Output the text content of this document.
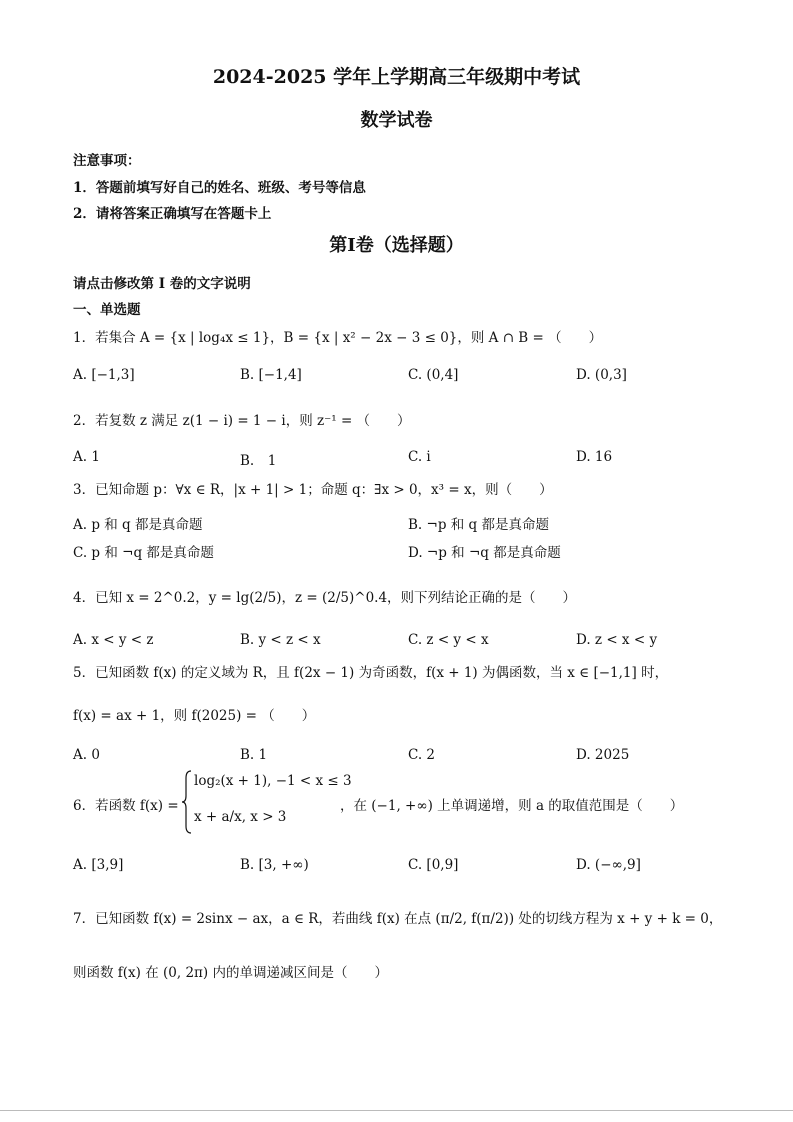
2024-2025 学年上学期高三年级期中考试
数学试卷
注意事项：
1．答题前填写好自己的姓名、班级、考号等信息
2．请将答案正确填写在答题卡上
第Ⅰ卷（选择题）
请点击修改第 I 卷的文字说明
一、单选题
1．若集合 A = {x | log₄x ≤ 1}，B = {x | x² − 2x − 3 ≤ 0}，则 A ∩ B = （　　）
A. [−1,3]	B. [−1,4]	C. (0,4]	D. (0,3]
2．若复数 z 满足 z(1 − i) = 1 − i，则 z⁻¹ = （　　）
A. 1	B.　1	C. i	D. 16
3．已知命题 p：∀x ∈ R，|x + 1| > 1；命题 q：∃x > 0，x³ = x，则（　　）
A. p 和 q 都是真命题	B. ¬p 和 q 都是真命题
C. p 和 ¬q 都是真命题	D. ¬p 和 ¬q 都是真命题
4．已知 x = 2^0.2，y = lg(2/5)，z = (2/5)^0.4，则下列结论正确的是（　　）
A. x < y < z	B. y < z < x	C. z < y < x	D. z < x < y
5．已知函数 f(x) 的定义域为 R，且 f(2x − 1) 为奇函数，f(x + 1) 为偶函数，当 x ∈ [−1,1] 时，
f(x) = ax + 1，则 f(2025) = （　　）
A. 0	B. 1	C. 2	D. 2025
6．若函数 f(x) =
log₂(x + 1), −1 < x ≤ 3
x + a/x, x > 3
，在 (−1, +∞) 上单调递增，则 a 的取值范围是（　　）
A. [3,9]	B. [3, +∞)	C. [0,9]	D. (−∞,9]
7．已知函数 f(x) = 2sinx − ax，a ∈ R，若曲线 f(x) 在点 (π/2, f(π/2)) 处的切线方程为 x + y + k = 0，
则函数 f(x) 在 (0, 2π) 内的单调递减区间是（　　）
